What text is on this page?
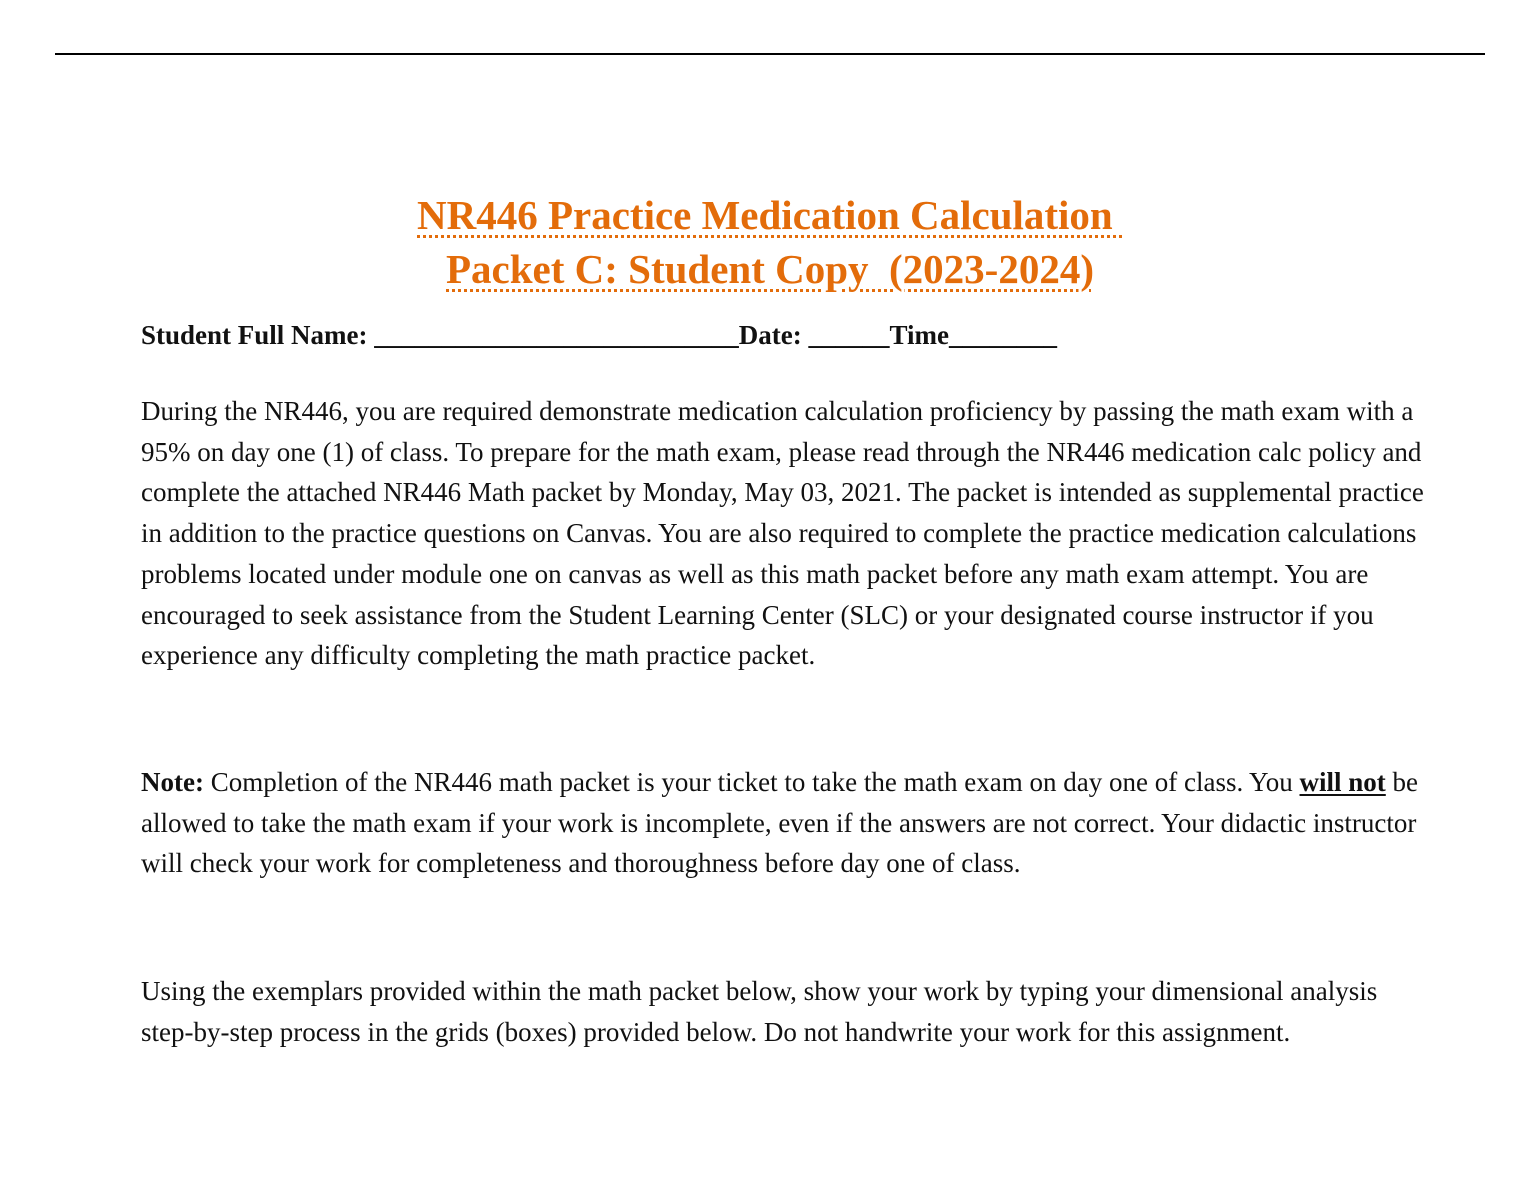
NR446 Practice Medication Calculation
Packet C: Student Copy  (2023-2024)
Student Full Name: ___________________________Date: ______Time________

During the NR446, you are required demonstrate medication calculation proficiency by passing the math exam with a 95% on day one (1) of class. To prepare for the math exam, please read through the NR446 medication calc policy and complete the attached NR446 Math packet by Monday, May 03, 2021. The packet is intended as supplemental practice in addition to the practice questions on Canvas. You are also required to complete the practice medication calculations problems located under module one on canvas as well as this math packet before any math exam attempt. You are encouraged to seek assistance from the Student Learning Center (SLC) or your designated course instructor if you experience any difficulty completing the math practice packet.

Note: Completion of the NR446 math packet is your ticket to take the math exam on day one of class. You will not be allowed to take the math exam if your work is incomplete, even if the answers are not correct. Your didactic instructor will check your work for completeness and thoroughness before day one of class.

Using the exemplars provided within the math packet below, show your work by typing your dimensional analysis step-by-step process in the grids (boxes) provided below. Do not handwrite your work for this assignment.
